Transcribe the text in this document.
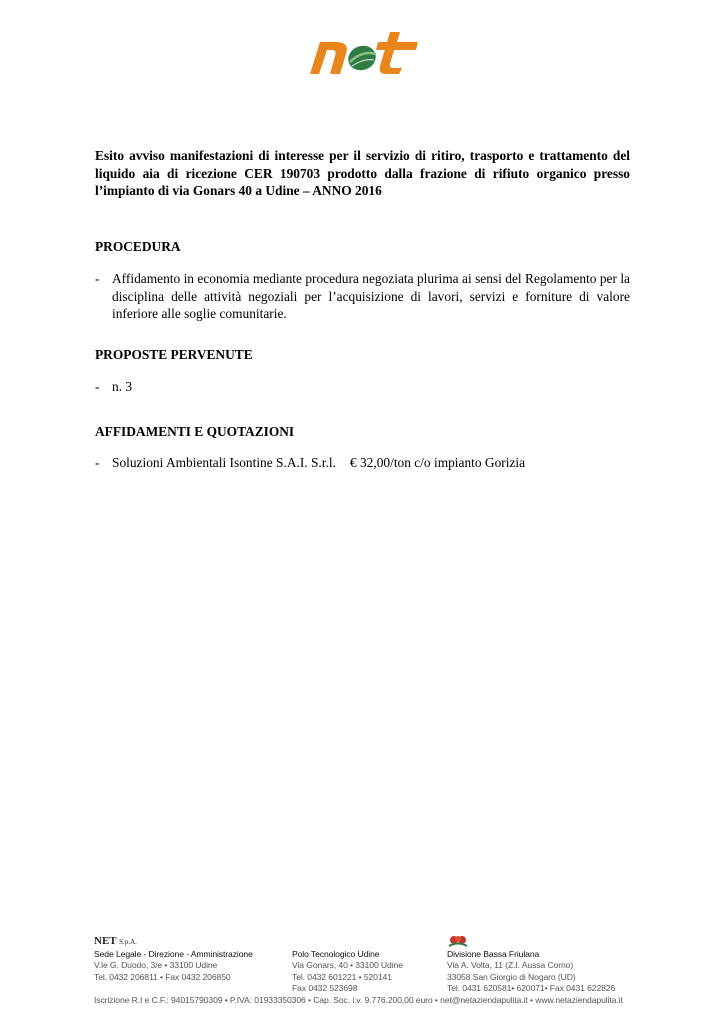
Esito avviso manifestazioni di interesse per il servizio di ritiro, trasporto e trattamento del liquido aia di ricezione CER 190703 prodotto dalla frazione di rifiuto organico presso l’impianto di via Gonars 40 a Udine – ANNO 2016
PROCEDURA
- Affidamento in economia mediante procedura negoziata plurima ai sensi del Regolamento per la disciplina delle attività negoziali per l’acquisizione di lavori, servizi e forniture di valore inferiore alle soglie comunitarie.
PROPOSTE PERVENUTE
- n. 3
AFFIDAMENTI E QUOTAZIONI
- Soluzioni Ambientali Isontine S.A.I. S.r.l. € 32,00/ton c/o impianto Gorizia
NET S.p.A.
Sede Legale - Direzione - Amministrazione
V.le G. Duodo, 3/e • 33100 Udine
Tel. 0432 206811 • Fax 0432 206850
Polo Tecnologico Udine
Via Gonars, 40 • 33100 Udine
Tel. 0432 601221 • 520141
Fax 0432 523698
Divisione Bassa Friulana
Via A. Volta, 11 (Z.I. Aussa Corno)
33058 San Giorgio di Nogaro (UD)
Tel. 0431 620581• 620071• Fax 0431 622826
Iscrizione R.I e C.F.: 94015790309 • P.IVA: 01933350306 • Cap. Soc. i.v. 9.776.200,00 euro • net@netaziendapulita.it • www.netaziendapulita.it
